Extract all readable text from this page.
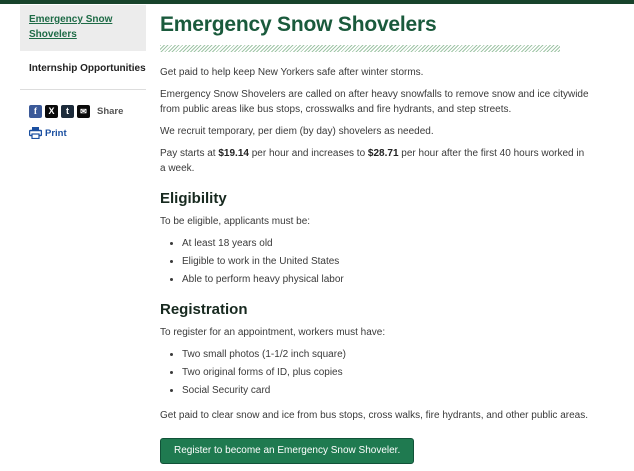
Emergency Snow Shovelers
Internship Opportunities
f	X	t	✉	Share
Print
Emergency Snow Shovelers

Get paid to help keep New Yorkers safe after winter storms.

Emergency Snow Shovelers are called on after heavy snowfalls to remove snow and ice citywide from public areas like bus stops, crosswalks and fire hydrants, and step streets.

We recruit temporary, per diem (by day) shovelers as needed.

Pay starts at $19.14 per hour and increases to $28.71 per hour after the first 40 hours worked in a week.

Eligibility

To be eligible, applicants must be:

• At least 18 years old
• Eligible to work in the United States
• Able to perform heavy physical labor
Registration

To register for an appointment, workers must have:

• Two small photos (1-1/2 inch square)
• Two original forms of ID, plus copies
• Social Security card

Get paid to clear snow and ice from bus stops, cross walks, fire hydrants, and other public areas.

Register to become an Emergency Snow Shoveler.
